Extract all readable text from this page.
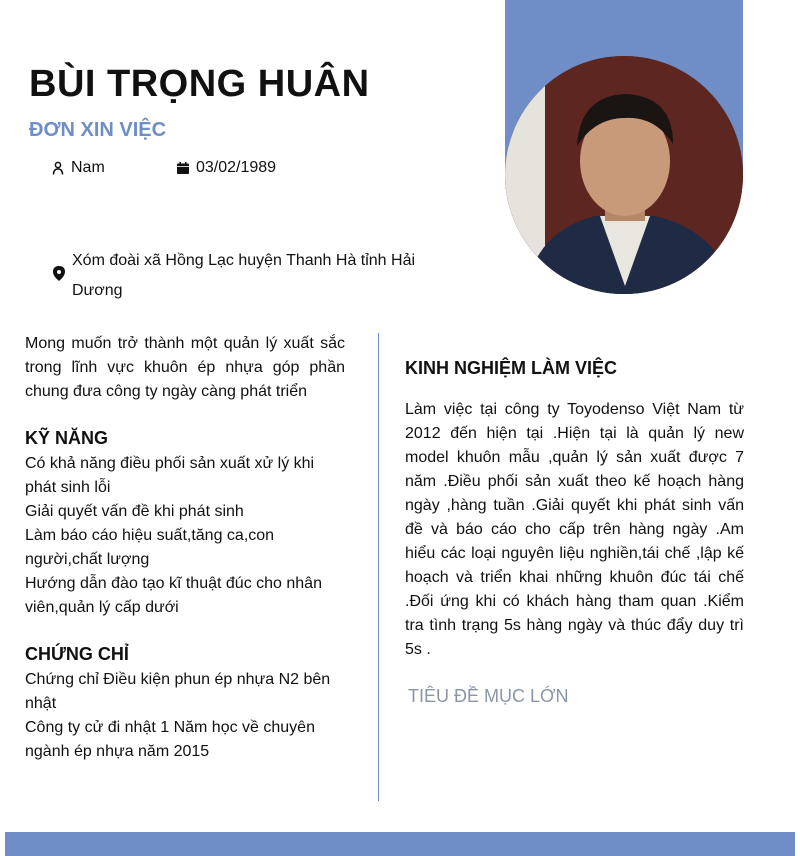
BÙI TRỌNG HUÂN
ĐƠN XIN VIỆC
Nam	03/02/1989
Xóm đoài xã Hồng Lạc huyện Thanh Hà tỉnh Hải
Dương

Mong muốn trở thành một quản lý xuất sắc trong lĩnh vực khuôn ép nhựa góp phần chung đưa công ty ngày càng phát triển

KỸ NĂNG
Có khả năng điều phối sản xuất xử lý khi phát sinh lỗi
Giải quyết vấn đề khi phát sinh
Làm báo cáo hiệu suất,tăng ca,con người,chất lượng
Hướng dẫn đào tạo kĩ thuật đúc cho nhân viên,quản lý cấp dưới
CHỨNG CHỈ
Chứng chỉ Điều kiện phun ép nhựa N2 bên nhật
Công ty cử đi nhật 1 Năm học về chuyên ngành ép nhựa năm 2015
KINH NGHIỆM LÀM VIỆC

Làm việc tại công ty Toyodenso Việt Nam từ 2012 đến hiện tại .Hiện tại là quản lý new model khuôn mẫu ,quản lý sản xuất được 7 năm .Điều phối sản xuất theo kế hoạch hàng ngày ,hàng tuần .Giải quyết khi phát sinh vấn đề và báo cáo cho cấp trên hàng ngày .Am hiểu các loại nguyên liệu nghiền,tái chế ,lập kế hoạch và triển khai những khuôn đúc tái chế .Đối ứng khi có khách hàng tham quan .Kiểm tra tình trạng 5s hàng ngày và thúc đẩy duy trì 5s .

TIÊU ĐỀ MỤC LỚN
